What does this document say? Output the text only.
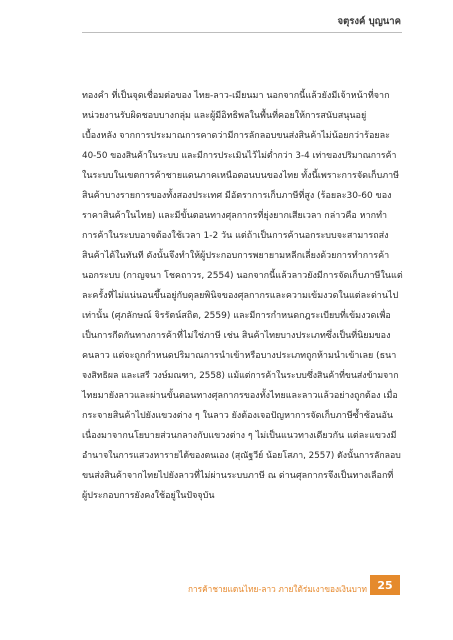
จตุรงค์ บุญนาค
ทองคำ ที่เป็นจุดเชื่อมต่อของ ไทย-ลาว-เมียนมา นอกจากนี้แล้วยังมีเจ้าหน้าที่จาก
หน่วยงานรับผิดชอบบางกลุ่ม และผู้มีอิทธิพลในพื้นที่คอยให้การสนับสนุนอยู่
เบื้องหลัง จากการประมาณการคาดว่ามีการลักลอบขนส่งสินค้าไม่น้อยกว่าร้อยละ
40-50 ของสินค้าในระบบ และมีการประเมินไว้ไม่ต่ำกว่า 3-4 เท่าของปริมาณการค้า
ในระบบในเขตการค้าชายแดนภาคเหนือตอนบนของไทย ทั้งนี้เพราะการจัดเก็บภาษี
สินค้าบางรายการของทั้งสองประเทศ มีอัตราการเก็บภาษีที่สูง (ร้อยละ30-60 ของ
ราคาสินค้าในไทย) และมีขั้นตอนทางศุลกากรที่ยุ่งยากเสียเวลา กล่าวคือ หากทำ
การค้าในระบบอาจต้องใช้เวลา 1-2 วัน แต่ถ้าเป็นการค้านอกระบบจะสามารถส่ง
สินค้าได้ในทันที ดังนั้นจึงทำให้ผู้ประกอบการพยายามหลีกเลี่ยงด้วยการทำการค้า
นอกระบบ (กาญจนา โชคถาวร, 2554) นอกจากนี้แล้วลาวยังมีการจัดเก็บภาษีในแต่
ละครั้งที่ไม่แน่นอนขึ้นอยู่กับดุลยพินิจของศุลกากรและความเข้มงวดในแต่ละด่านไป
เท่านั้น (ศุภลักษณ์ จิรรัตน์สถิต, 2559) และมีการกำหนดกฎระเบียบที่เข้มงวดเพื่อ
เป็นการกีดกันทางการค้าที่ไม่ใช่ภาษี เช่น สินค้าไทยบางประเภทซึ่งเป็นที่นิยมของ
คนลาว แต่จะถูกกำหนดปริมาณการนำเข้าหรือบางประเภทถูกห้ามนำเข้าเลย (ธนา
จงสิทธิผล และเสรี วงษ์มณฑา, 2558) แม้แต่การค้าในระบบซึ่งสินค้าที่ขนส่งข้ามจาก
ไทยมายังลาวและผ่านขั้นตอนทางศุลกากรของทั้งไทยและลาวแล้วอย่างถูกต้อง เมื่อ
กระจายสินค้าไปยังแขวงต่าง ๆ ในลาว ยังต้องเจอปัญหาการจัดเก็บภาษีซ้ำซ้อนอัน
เนื่องมาจากนโยบายส่วนกลางกับแขวงต่าง ๆ ไม่เป็นแนวทางเดียวกัน แต่ละแขวงมี
อำนาจในการแสวงหารายได้ของตนเอง (สุณัฐวีย์ น้อยโสภา, 2557) ดังนั้นการลักลอบ
ขนส่งสินค้าจากไทยไปยังลาวที่ไม่ผ่านระบบภาษี ณ ด่านศุลกากรจึงเป็นทางเลือกที่
ผู้ประกอบการยังคงใช้อยู่ในปัจจุบัน
การค้าชายแดนไทย-ลาว ภายใต้ร่มเงาของเงินบาท 25
